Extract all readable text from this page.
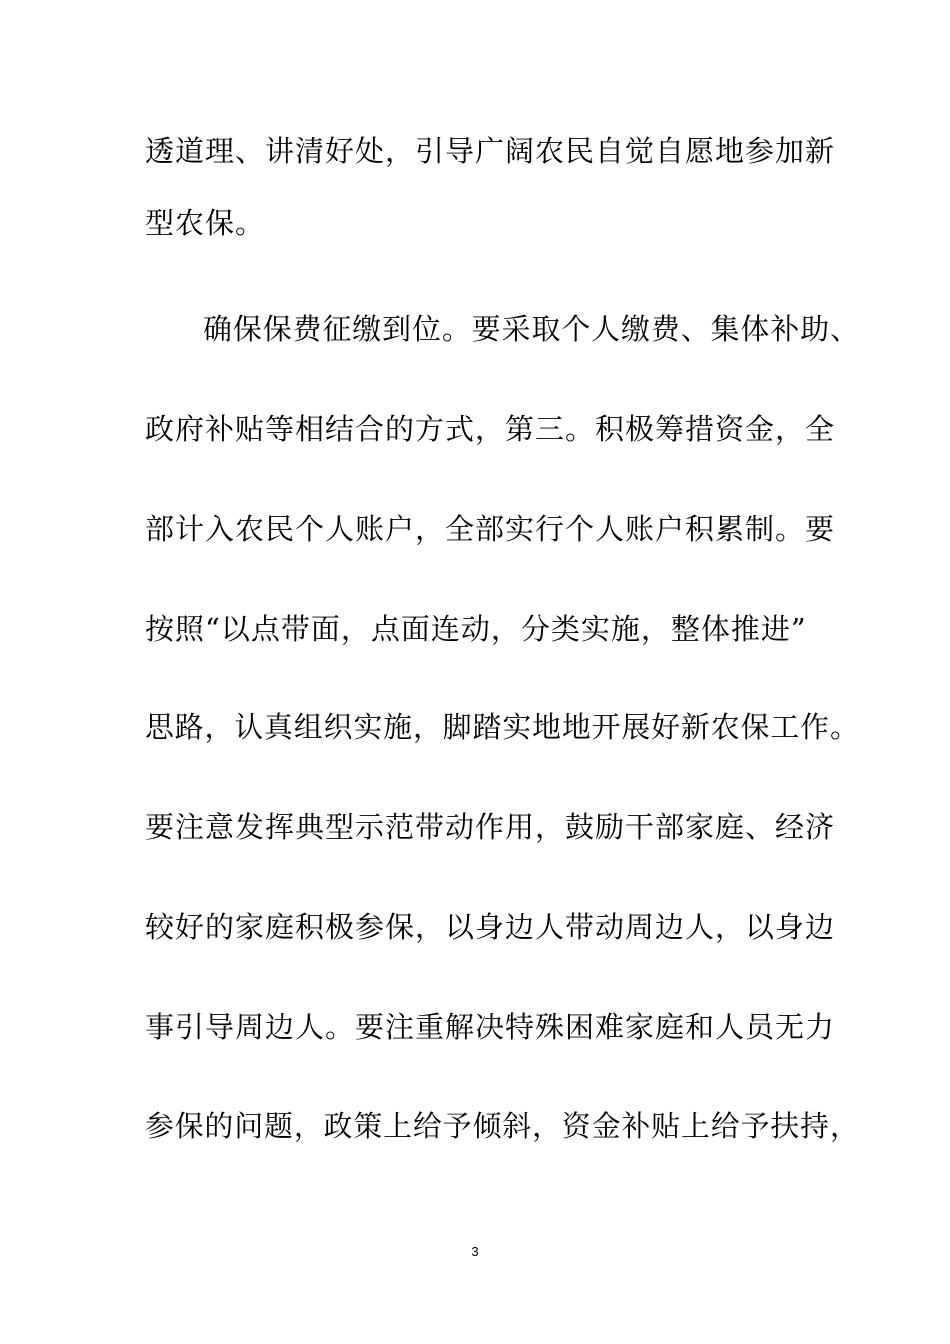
透道理、讲清好处，引导广阔农民自觉自愿地参加新
型农保。
确保保费征缴到位。要采取个人缴费、集体补助、
政府补贴等相结合的方式，第三。积极筹措资金，全
部计入农民个人账户，全部实行个人账户积累制。要
按照“以点带面，点面连动，分类实施，整体推进”
思路，认真组织实施，脚踏实地地开展好新农保工作。
要注意发挥典型示范带动作用，鼓励干部家庭、经济
较好的家庭积极参保，以身边人带动周边人，以身边
事引导周边人。要注重解决特殊困难家庭和人员无力
参保的问题，政策上给予倾斜，资金补贴上给予扶持，
3
